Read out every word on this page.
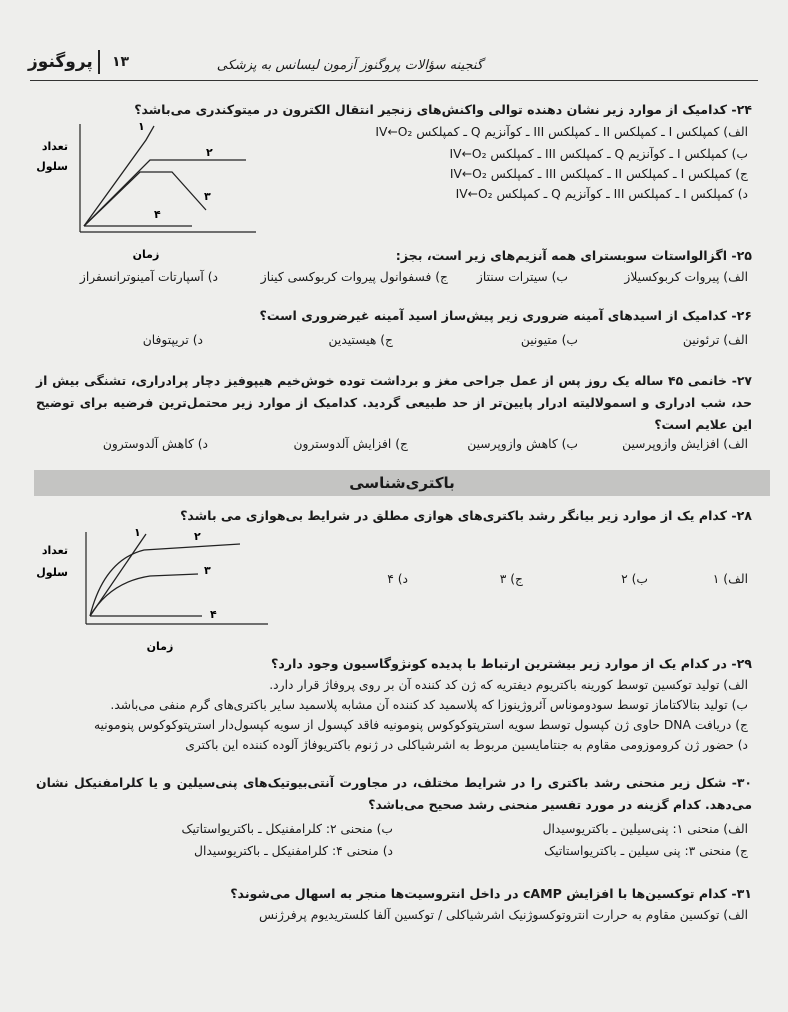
پروگنوز ۱۳	گنجینه سؤالات پروگنوز آزمون لیسانس به پزشکی
تعداد
سلول
۱
۲
۳
۴
زمان
۲۴- کدامیک از موارد زیر نشان دهنده توالی واکنش‌های زنجیر انتقال الکترون در میتوکندری می‌باشد؟
الف) کمپلکس I ـ کمپلکس II ـ کمپلکس III ـ کوآنزیم Q ـ کمپلکس IV←O₂
ب) کمپلکس I ـ کوآنزیم Q ـ کمپلکس III ـ کمپلکس IV←O₂
ج) کمپلکس I ـ کمپلکس II ـ کمپلکس III ـ کمپلکس IV←O₂
د) کمپلکس I ـ کمپلکس III ـ کوآنزیم Q ـ کمپلکس IV←O₂
۲۵- اگزالواستات سوبسترای همه آنزیم‌های زیر است، بجز:
الف) پیروات کربوکسیلاز
ب) سیترات سنتاز
ج) فسفوانول پیروات کربوکسی کیناز
د) آسپارتات آمینوترانسفراز
۲۶- کدامیک از اسیدهای آمینه ضروری زیر پیش‌ساز اسید آمینه غیرضروری است؟
الف) ترئونین
ب) متیونین
ج) هیستیدین
د) تریپتوفان
۲۷- خانمی ۴۵ ساله یک روز پس از عمل جراحی مغز و برداشت توده خوش‌خیم هیپوفیز دچار پرادراری، تشنگی بیش از حد، شب ادراری و اسمولالیته ادرار پایین‌تر از حد طبیعی گردید. کدامیک از موارد زیر محتمل‌ترین فرضیه برای توضیح این علایم است؟
الف) افزایش وازوپرسین
ب) کاهش وازوپرسین
ج) افزایش آلدوسترون
د) کاهش آلدوسترون
باکتری‌شناسی
۲۸- کدام یک از موارد زیر بیانگر رشد باکتری‌های هوازی مطلق در شرایط بی‌هوازی می باشد؟
تعداد
سلول
۱	۲
۳
۴
زمان
الف) ۱
ب) ۲
ج) ۳
د) ۴
۲۹- در کدام یک از موارد زیر بیشترین ارتباط با پدیده کونژوگاسیون وجود دارد؟
الف) تولید توکسین توسط کورینه باکتریوم دیفتریه که ژن کد کننده آن بر روی پروفاژ قرار دارد.
ب) تولید بتالاکتاماز توسط سودوموناس آئروژینوزا که پلاسمید کد کننده آن مشابه پلاسمید سایر باکتری‌های گرم منفی می‌باشد.
ج) دریافت DNA حاوی ژن کپسول توسط سویه استرپتوکوکوس پنومونیه فاقد کپسول از سویه کپسول‌دار استرپتوکوکوس پنومونیه
د) حضور ژن کروموزومی مقاوم به جنتامایسین مربوط به اشرشیاکلی در ژنوم باکتریوفاژ آلوده کننده این باکتری
۳۰- شکل زیر منحنی رشد باکتری را در شرایط مختلف، در مجاورت آنتی‌بیوتیک‌های پنی‌سیلین و یا کلرامفنیکل نشان می‌دهد. کدام گزینه در مورد تفسیر منحنی رشد صحیح می‌باشد؟
الف) منحنی ۱: پنی‌سیلین ـ باکتریوسیدال
ب) منحنی ۲: کلرامفنیکل ـ باکتریواستاتیک
ج) منحنی ۳: پنی سیلین ـ باکتریواستاتیک
د) منحنی ۴: کلرامفنیکل ـ باکتریوسیدال
۳۱- کدام توکسین‌ها با افزایش cAMP در داخل انتروسیت‌ها منجر به اسهال می‌شوند؟
الف) توکسین مقاوم به حرارت انتروتوکسوژنیک اشرشیاکلی / توکسین آلفا کلستریدیوم پرفرژنس
